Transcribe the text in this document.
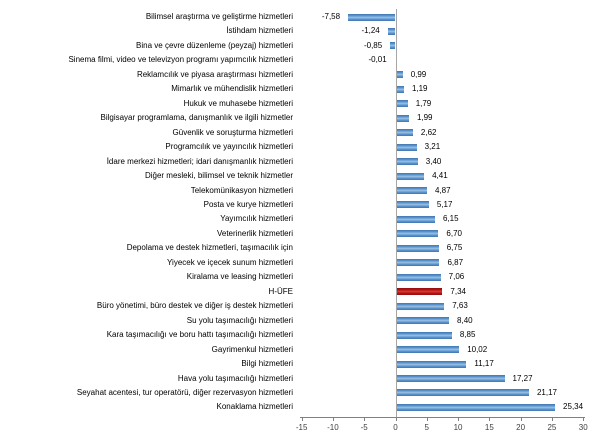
Bilimsel araştırma ve geliştirme hizmetleri	-7,58
İstihdam hizmetleri	-1,24
Bina ve çevre düzenleme (peyzaj) hizmetleri	-0,85
Sinema filmi, video ve televizyon programı yapımcılık hizmetleri	-0,01
Reklamcılık ve piyasa araştırması hizmetleri	0,99
Mimarlık ve mühendislik hizmetleri	1,19
Hukuk ve muhasebe hizmetleri	1,79
Bilgisayar programlama, danışmanlık ve ilgili hizmetler	1,99
Güvenlik ve soruşturma hizmetleri	2,62
Programcılık ve yayıncılık hizmetleri	3,21
İdare merkezi hizmetleri; idari danışmanlık hizmetleri	3,40
Diğer mesleki, bilimsel ve teknik hizmetler	4,41
Telekomünikasyon hizmetleri	4,87
Posta ve kurye hizmetleri	5,17
Yayımcılık hizmetleri	6,15
Veterinerlik hizmetleri	6,70
Depolama ve destek hizmetleri, taşımacılık için	6,75
Yiyecek ve içecek sunum hizmetleri	6,87
Kiralama ve leasing hizmetleri	7,06
H-ÜFE	7,34
Büro yönetimi, büro destek ve diğer iş destek hizmetleri	7,63
Su yolu taşımacılığı hizmetleri	8,40
Kara taşımacılığı ve boru hattı taşımacılığı hizmetleri	8,85
Gayrimenkul hizmetleri	10,02
Bilgi hizmetleri	11,17
Hava yolu taşımacılığı hizmetleri	17,27
Seyahat acentesi, tur operatörü, diğer rezervasyon hizmetleri	21,17
Konaklama hizmetleri	25,34
-15 -10	-5	0	5	10	15	20	25	30
